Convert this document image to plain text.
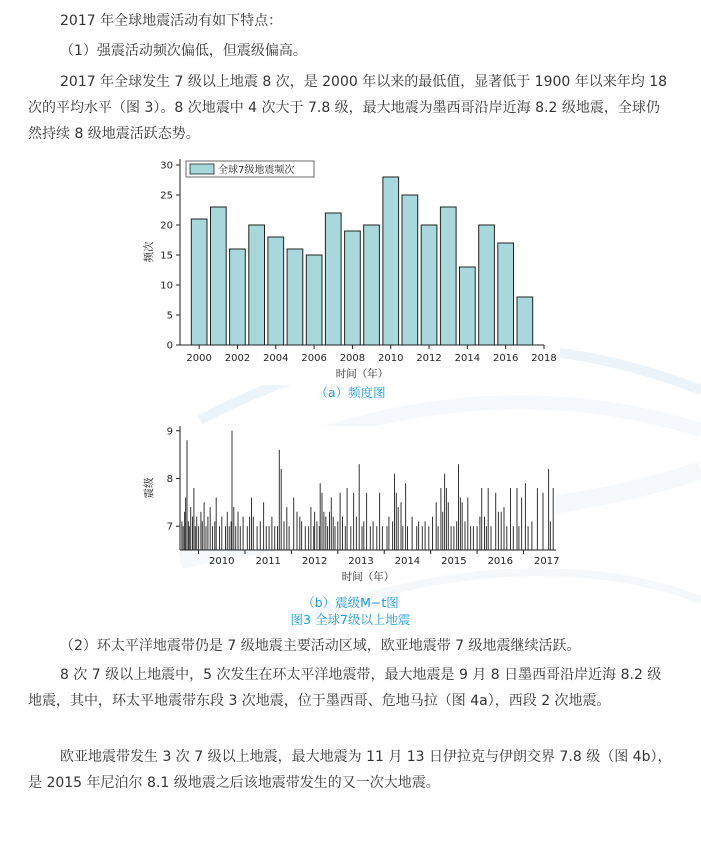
2017 年全球地震活动有如下特点：

（1）强震活动频次偏低，但震级偏高。

2017 年全球发生 7 级以上地震 8 次，是 2000 年以来的最低值，显著低于 1900 年以来年均 18 次的平均水平（图 3）。8 次地震中 4 次大于 7.8 级，最大地震为墨西哥沿岸近海 8.2 级地震，全球仍然持续 8 级地震活跃态势。

0
5
10
15
20
25
30
2000 2002 2004 2006 2008 2010 2012 2014 2016 2018
时间（年）
频次
全球7级地震频次
（a）频度图
7
8
9
2010 2011 2012 2013 2014 2015 2016 2017
时间（年）
震级
（b）震级M−t图
图3 全球7级以上地震

（2）环太平洋地震带仍是 7 级地震主要活动区域，欧亚地震带 7 级地震继续活跃。

8 次 7 级以上地震中，5 次发生在环太平洋地震带，最大地震是 9 月 8 日墨西哥沿岸近海 8.2 级地震，其中，环太平地震带东段 3 次地震，位于墨西哥、危地马拉（图 4a），西段 2 次地震。

欧亚地震带发生 3 次 7 级以上地震，最大地震为 11 月 13 日伊拉克与伊朗交界 7.8 级（图 4b），是 2015 年尼泊尔 8.1 级地震之后该地震带发生的又一次大地震。
